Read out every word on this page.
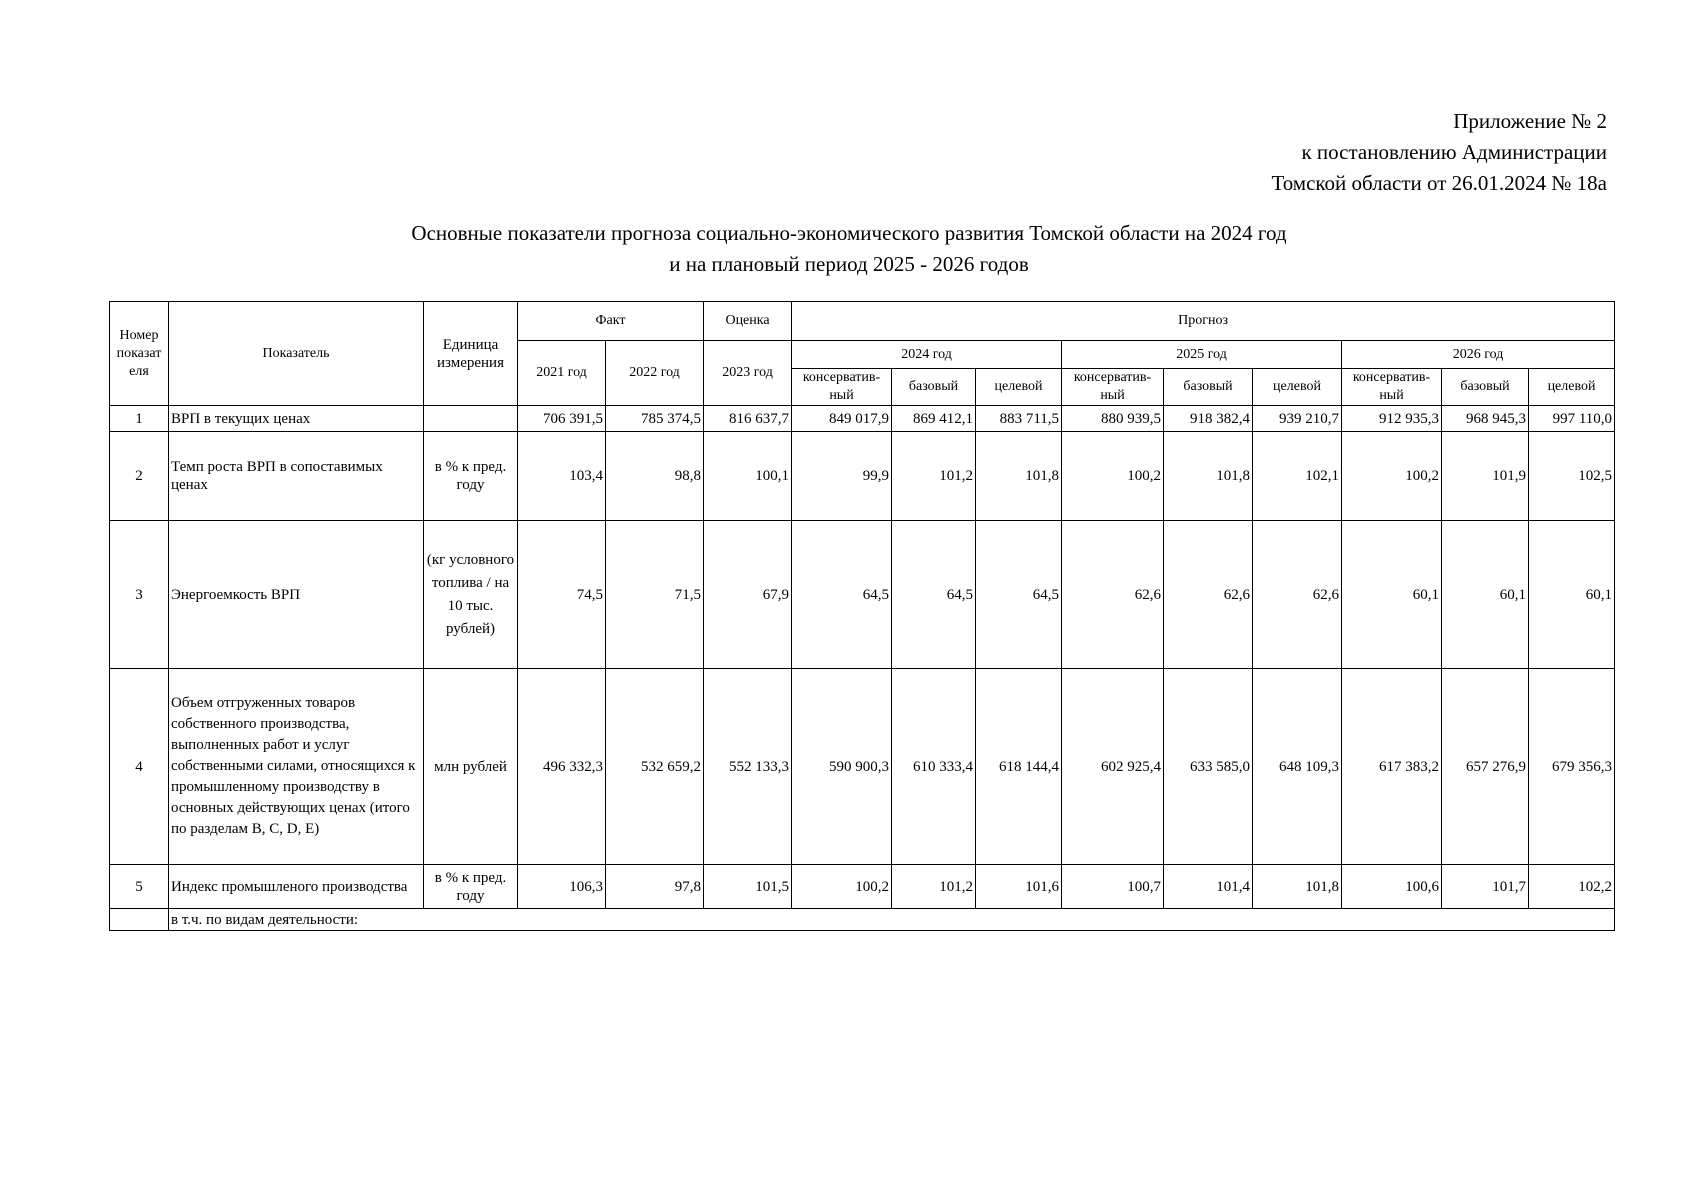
Приложение № 2
к постановлению Администрации
Томской области от 26.01.2024 № 18а
Основные показатели прогноза социально-экономического развития Томской области на 2024 год
и на плановый период 2025 - 2026 годов
Номер показат еля	Показатель	Единица измерения	Факт		Оценка	Прогноз								
			2021 год	2022 год	2023 год	2024 год			2025 год			2026 год		
						консерватив-ный	базовый	целевой	консерватив-ный	базовый	целевой	консерватив-ный	базовый	целевой
1	ВРП в текущих ценах		706 391,5	785 374,5	816 637,7	849 017,9	869 412,1	883 711,5	880 939,5	918 382,4	939 210,7	912 935,3	968 945,3	997 110,0
2	Темп роста ВРП в сопоставимых ценах	в % к пред. году	103,4	98,8	100,1	99,9	101,2	101,8	100,2	101,8	102,1	100,2	101,9	102,5
3	Энергоемкость ВРП	(кг условного топлива / на 10 тыс. рублей)	74,5	71,5	67,9	64,5	64,5	64,5	62,6	62,6	62,6	60,1	60,1	60,1
4	Объем отгруженных товаров собственного производства, выполненных работ и услуг собственными силами, относящихся к промышленному производству в основных действующих ценах (итого по разделам B, C, D, E)	млн рублей	496 332,3	532 659,2	552 133,3	590 900,3	610 333,4	618 144,4	602 925,4	633 585,0	648 109,3	617 383,2	657 276,9	679 356,3
5	Индекс промышленого производства	в % к пред. году	106,3	97,8	101,5	100,2	101,2	101,6	100,7	101,4	101,8	100,6	101,7	102,2
	в т.ч. по видам деятельности:													
